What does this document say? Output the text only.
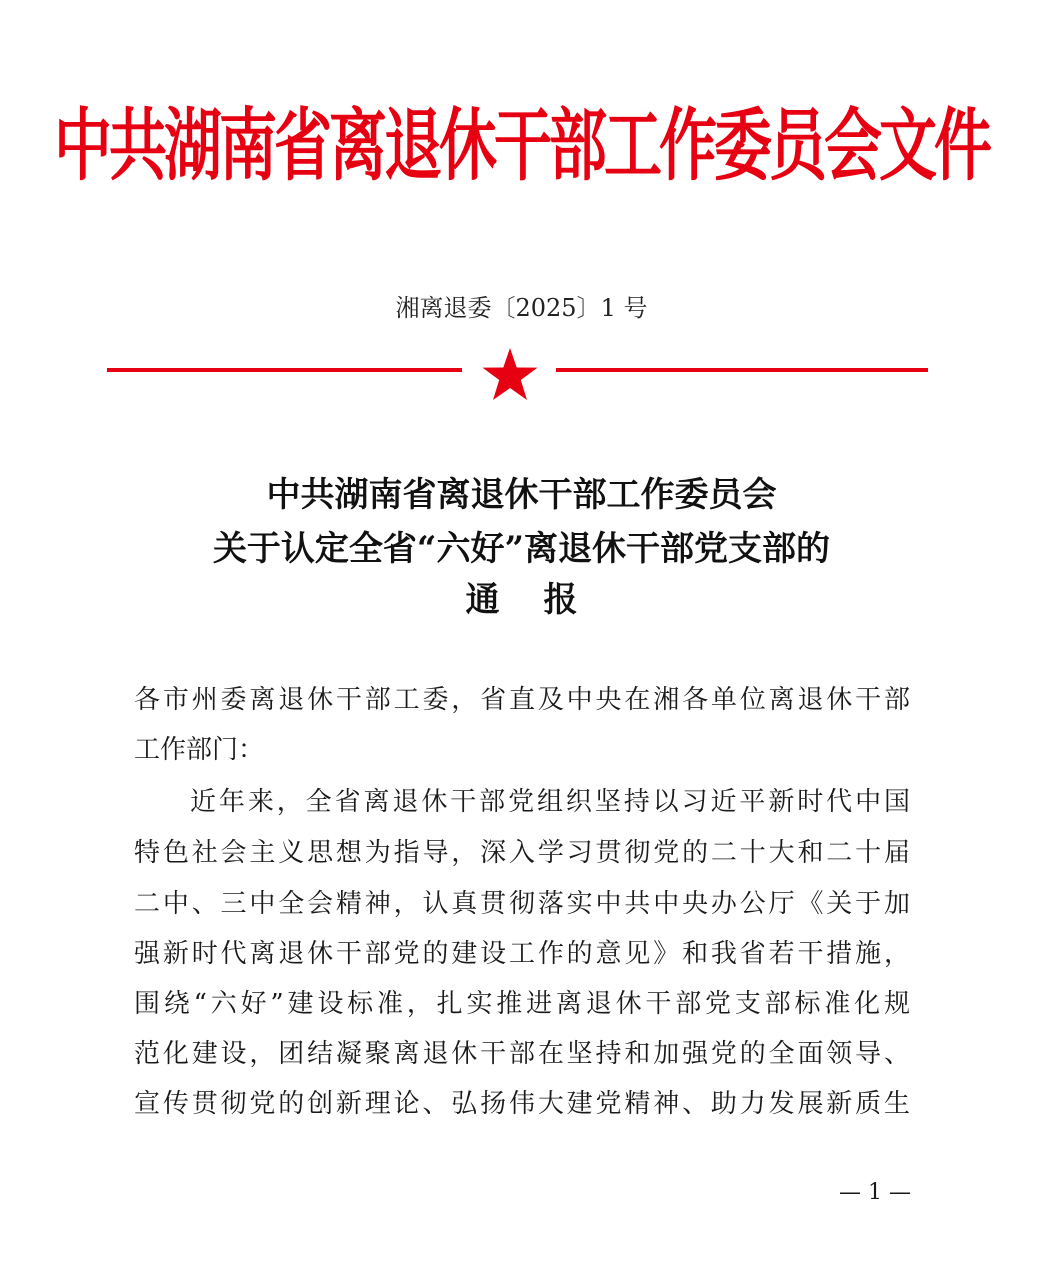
中共湖南省离退休干部工作委员会文件
湘离退委〔2025〕1 号
中共湖南省离退休干部工作委员会
关于认定全省“六好”离退休干部党支部的
通报
各市州委离退休干部工委，省直及中央在湘各单位离退休干部
工作部门：
近年来，全省离退休干部党组织坚持以习近平新时代中国
特色社会主义思想为指导，深入学习贯彻党的二十大和二十届
二中、三中全会精神，认真贯彻落实中共中央办公厅《关于加
强新时代离退休干部党的建设工作的意见》和我省若干措施，
围绕“六好”建设标准，扎实推进离退休干部党支部标准化规
范化建设，团结凝聚离退休干部在坚持和加强党的全面领导、
宣传贯彻党的创新理论、弘扬伟大建党精神、助力发展新质生
— 1 —
